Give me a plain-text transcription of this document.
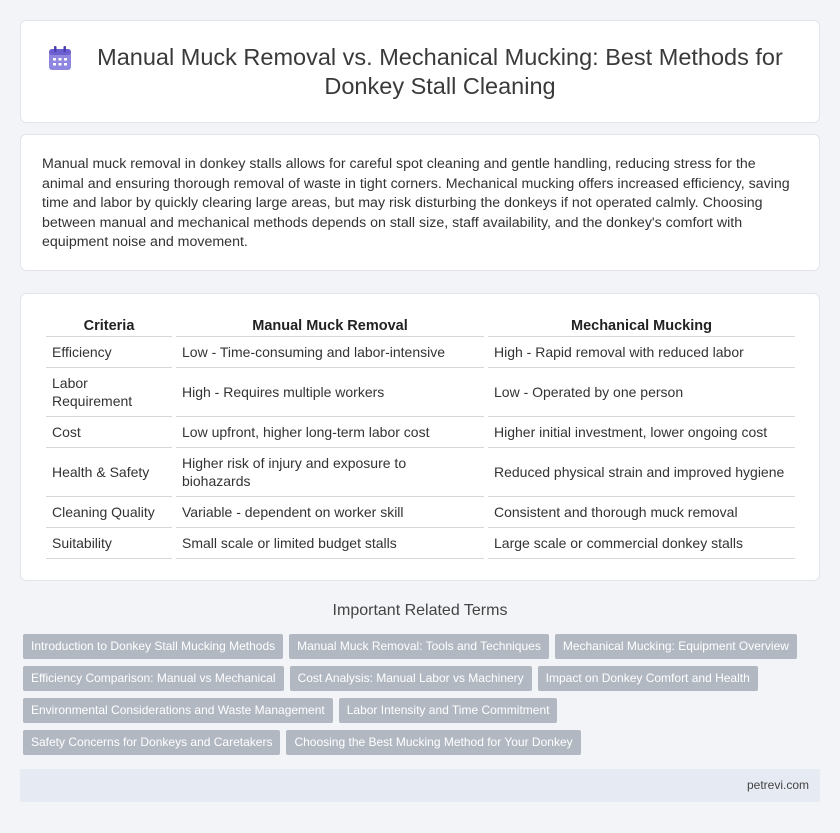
Manual Muck Removal vs. Mechanical Mucking: Best Methods for Donkey Stall Cleaning

Manual muck removal in donkey stalls allows for careful spot cleaning and gentle handling, reducing stress for the animal and ensuring thorough removal of waste in tight corners. Mechanical mucking offers increased efficiency, saving time and labor by quickly clearing large areas, but may risk disturbing the donkeys if not operated calmly. Choosing between manual and mechanical methods depends on stall size, staff availability, and the donkey's comfort with equipment noise and movement.

Criteria	Manual Muck Removal	Mechanical Mucking
Efficiency	Low - Time-consuming and labor-intensive	High - Rapid removal with reduced labor
Labor Requirement	High - Requires multiple workers	Low - Operated by one person
Cost	Low upfront, higher long-term labor cost	Higher initial investment, lower ongoing cost
Health & Safety	Higher risk of injury and exposure to biohazards	Reduced physical strain and improved hygiene
Cleaning Quality	Variable - dependent on worker skill	Consistent and thorough muck removal
Suitability	Small scale or limited budget stalls	Large scale or commercial donkey stalls
Important Related Terms
Introduction to Donkey Stall Mucking Methods	Manual Muck Removal: Tools and Techniques	Mechanical Mucking: Equipment Overview
Efficiency Comparison: Manual vs Mechanical	Cost Analysis: Manual Labor vs Machinery	Impact on Donkey Comfort and Health
Environmental Considerations and Waste Management	Labor Intensity and Time Commitment
Safety Concerns for Donkeys and Caretakers	Choosing the Best Mucking Method for Your Donkey
petrevi.com
